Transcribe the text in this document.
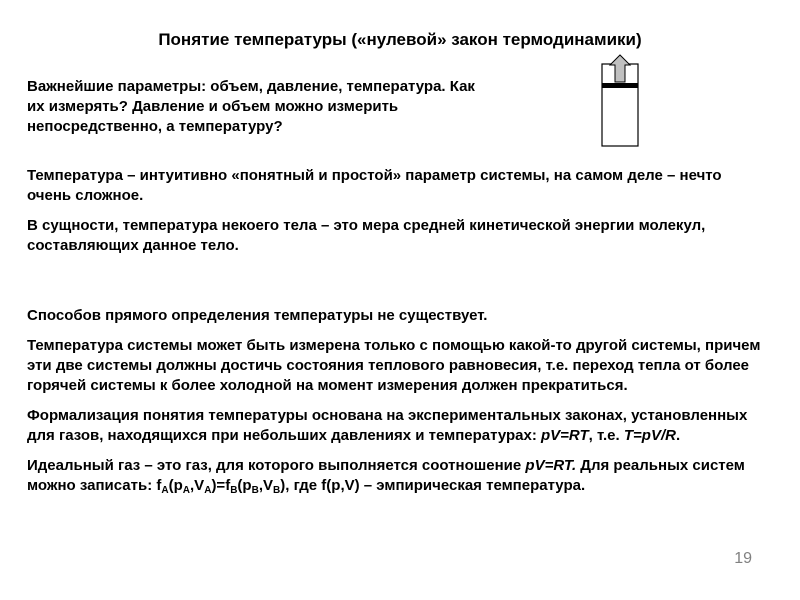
Понятие температуры («нулевой» закон термодинамики)

Важнейшие параметры: объем, давление, температура. Как

их измерять? Давление и объем можно измерить

непосредственно, а температуру?

Температура – интуитивно «понятный и простой» параметр системы, на самом деле – нечто очень сложное.

В сущности, температура некоего тела – это мера средней кинетической энергии молекул, составляющих данное тело.

Способов прямого определения температуры не существует.

Температура системы может быть измерена только с помощью какой-то другой системы, причем эти две системы должны достичь состояния теплового равновесия, т.е. переход тепла от более горячей системы к более холодной на момент измерения должен прекратиться.

Формализация понятия температуры основана на экспериментальных законах, установленных для газов, находящихся при небольших давлениях и температурах: pV=RT, т.е. T=pV/R.

Идеальный газ – это газ, для которого выполняется соотношение pV=RT. Для реальных систем можно записать: $f_A(p_A,V_A)=f_B(p_B,V_B)$, где f(p,V) – эмпирическая температура.

19
